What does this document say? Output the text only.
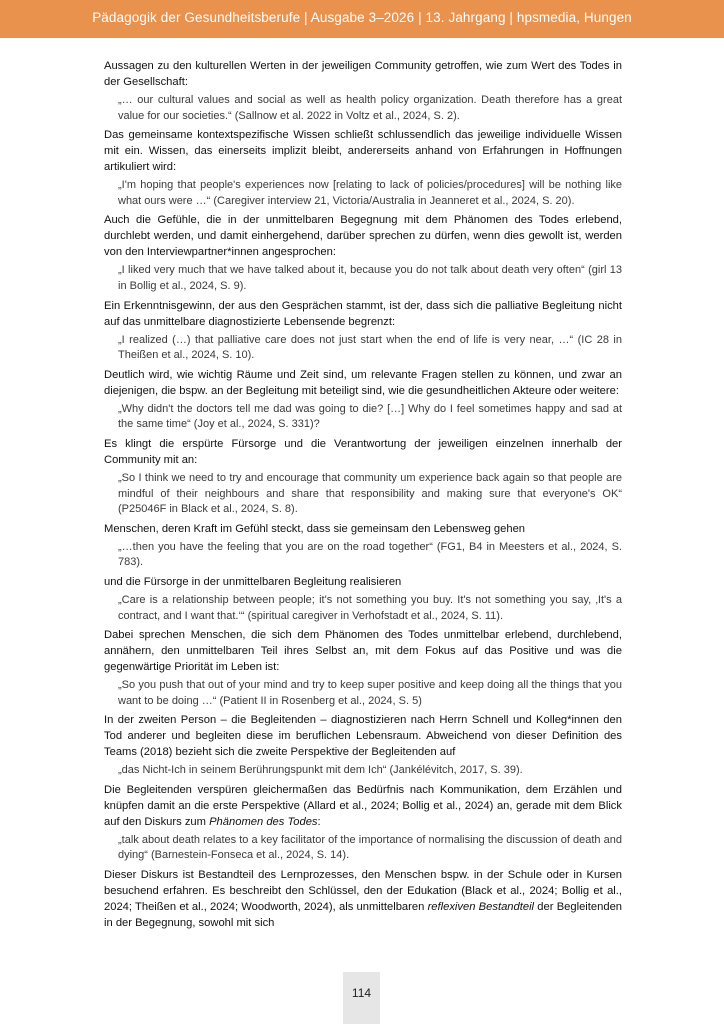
Pädagogik der Gesundheitsberufe | Ausgabe 3–2026 | 13. Jahrgang | hpsmedia, Hungen

Aussagen zu den kulturellen Werten in der jeweiligen Community getroffen, wie zum Wert des Todes in der Gesellschaft:

„… our cultural values and social as well as health policy organization. Death therefore has a great value for our societies.“ (Sallnow et al. 2022 in Voltz et al., 2024, S. 2).

Das gemeinsame kontextspezifische Wissen schließt schlussendlich das jeweilige individuelle Wissen mit ein. Wissen, das einerseits implizit bleibt, andererseits anhand von Erfahrungen in Hoffnungen artikuliert wird:

„I'm hoping that people's experiences now [relating to lack of policies/procedures] will be nothing like what ours were …“ (Caregiver interview 21, Victoria/Australia in Jeanneret et al., 2024, S. 20).

Auch die Gefühle, die in der unmittelbaren Begegnung mit dem Phänomen des Todes erlebend, durchlebt werden, und damit einhergehend, darüber sprechen zu dürfen, wenn dies gewollt ist, werden von den Interviewpartner*innen angesprochen:

„I liked very much that we have talked about it, because you do not talk about death very often“ (girl 13 in Bollig et al., 2024, S. 9).

Ein Erkenntnisgewinn, der aus den Gesprächen stammt, ist der, dass sich die palliative Begleitung nicht auf das unmittelbare diagnostizierte Lebensende begrenzt:

„I realized (…) that palliative care does not just start when the end of life is very near, …“ (IC 28 in Theißen et al., 2024, S. 10).

Deutlich wird, wie wichtig Räume und Zeit sind, um relevante Fragen stellen zu können, und zwar an diejenigen, die bspw. an der Begleitung mit beteiligt sind, wie die gesundheitlichen Akteure oder weitere:

„Why didn't the doctors tell me dad was going to die? […] Why do I feel sometimes happy and sad at the same time“ (Joy et al., 2024, S. 331)?

Es klingt die erspürte Fürsorge und die Verantwortung der jeweiligen einzelnen innerhalb der Community mit an:

„So I think we need to try and encourage that community um experience back again so that people are mindful of their neighbours and share that responsibility and making sure that everyone's OK“ (P25046F in Black et al., 2024, S. 8).

Menschen, deren Kraft im Gefühl steckt, dass sie gemeinsam den Lebensweg gehen

„…then you have the feeling that you are on the road together“ (FG1, B4 in Meesters et al., 2024, S. 783).

und die Fürsorge in der unmittelbaren Begleitung realisieren

„Care is a relationship between people; it's not something you buy. It's not something you say, ‚It's a contract, and I want that.‘“ (spiritual caregiver in Verhofstadt et al., 2024, S. 11).

Dabei sprechen Menschen, die sich dem Phänomen des Todes unmittelbar erlebend, durchlebend, annähern, den unmittelbaren Teil ihres Selbst an, mit dem Fokus auf das Positive und was die gegenwärtige Priorität im Leben ist:

„So you push that out of your mind and try to keep super positive and keep doing all the things that you want to be doing …“ (Patient II in Rosenberg et al., 2024, S. 5)

In der zweiten Person – die Begleitenden – diagnostizieren nach Herrn Schnell und Kolleg*innen den Tod anderer und begleiten diese im beruflichen Lebensraum. Abweichend von dieser Definition des Teams (2018) bezieht sich die zweite Perspektive der Begleitenden auf

„das Nicht-Ich in seinem Berührungspunkt mit dem Ich“ (Jankélévitch, 2017, S. 39).

Die Begleitenden verspüren gleichermaßen das Bedürfnis nach Kommunikation, dem Erzählen und knüpfen damit an die erste Perspektive (Allard et al., 2024; Bollig et al., 2024) an, gerade mit dem Blick auf den Diskurs zum Phänomen des Todes:

„talk about death relates to a key facilitator of the importance of normalising the discussion of death and dying“ (Barnestein-Fonseca et al., 2024, S. 14).

Dieser Diskurs ist Bestandteil des Lernprozesses, den Menschen bspw. in der Schule oder in Kursen besuchend erfahren. Es beschreibt den Schlüssel, den der Edukation (Black et al., 2024; Bollig et al., 2024; Theißen et al., 2024; Woodworth, 2024), als unmittelbaren reflexiven Bestandteil der Begleitenden in der Begegnung, sowohl mit sich

114
